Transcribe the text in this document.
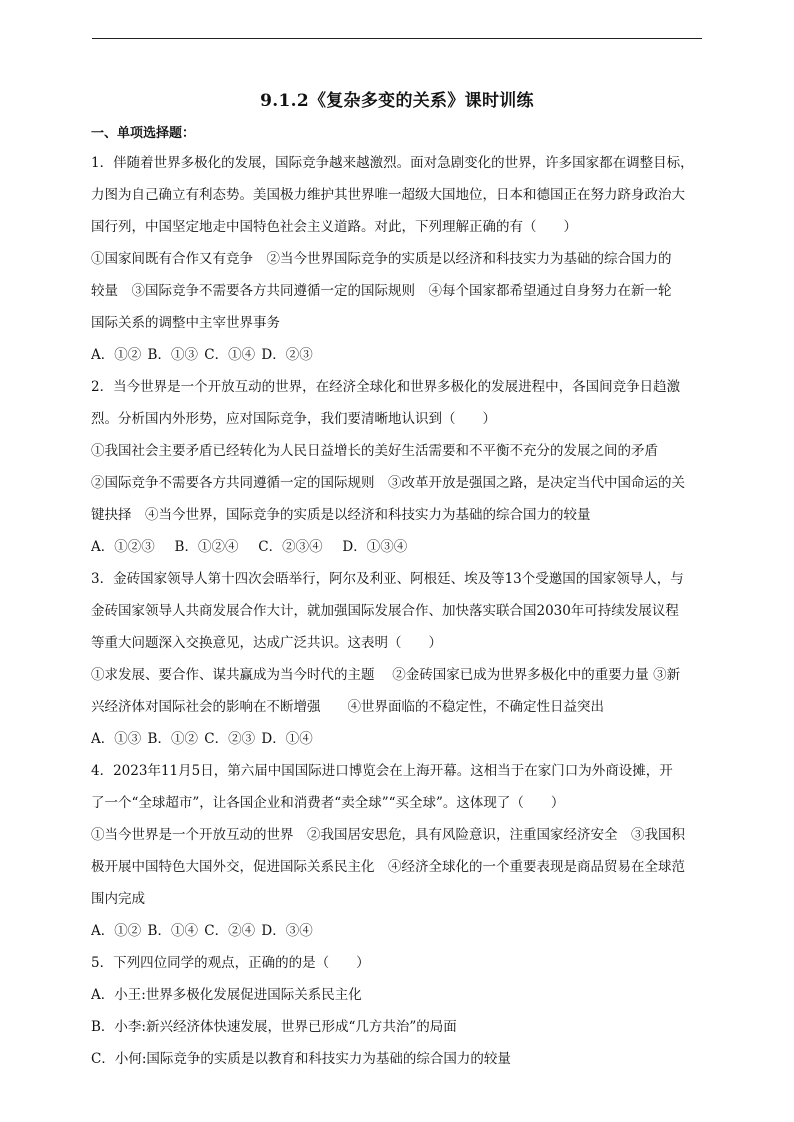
9.1.2《复杂多变的关系》课时训练
一、单项选择题：
1．伴随着世界多极化的发展，国际竞争越来越激烈。面对急剧变化的世界，许多国家都在调整目标，
力图为自己确立有利态势。美国极力维护其世界唯一超级大国地位，日本和德国正在努力跻身政治大
国行列，中国坚定地走中国特色社会主义道路。对此，下列理解正确的有（　　）
①国家间既有合作又有竞争　②当今世界国际竞争的实质是以经济和科技实力为基础的综合国力的
较量　③国际竞争不需要各方共同遵循一定的国际规则　④每个国家都希望通过自身努力在新一轮
国际关系的调整中主宰世界事务
A．①② B．①③ C．①④ D．②③
2．当今世界是一个开放互动的世界，在经济全球化和世界多极化的发展进程中，各国间竞争日趋激
烈。分析国内外形势，应对国际竞争，我们要清晰地认识到（　　）
①我国社会主要矛盾已经转化为人民日益增长的美好生活需要和不平衡不充分的发展之间的矛盾
②国际竞争不需要各方共同遵循一定的国际规则　③改革开放是强国之路，是决定当代中国命运的关
键抉择　④当今世界，国际竞争的实质是以经济和科技实力为基础的综合国力的较量
A．①②③　 B．①②④　 C．②③④　 D．①③④
3．金砖国家领导人第十四次会晤举行，阿尔及利亚、阿根廷、埃及等13个受邀国的国家领导人，与
金砖国家领导人共商发展合作大计，就加强国际发展合作、加快落实联合国2030年可持续发展议程
等重大问题深入交换意见，达成广泛共识。这表明（　　）
①求发展、要合作、谋共赢成为当今时代的主题　 ②金砖国家已成为世界多极化中的重要力量 ③新
兴经济体对国际社会的影响在不断增强　　④世界面临的不稳定性，不确定性日益突出
A．①③ B．①② C．②③ D．①④
4．2023年11月5日，第六届中国国际进口博览会在上海开幕。这相当于在家门口为外商设摊，开
了一个“全球超市”，让各国企业和消费者“卖全球”“买全球”。这体现了（　　）
①当今世界是一个开放互动的世界　②我国居安思危，具有风险意识，注重国家经济安全　③我国积
极开展中国特色大国外交，促进国际关系民主化　④经济全球化的一个重要表现是商品贸易在全球范
围内完成
A．①② B．①④ C．②④ D．③④
5．下列四位同学的观点，正确的的是（　　）
A．小王:世界多极化发展促进国际关系民主化
B．小李:新兴经济体快速发展，世界已形成“几方共治”的局面
C．小何:国际竞争的实质是以教育和科技实力为基础的综合国力的较量
